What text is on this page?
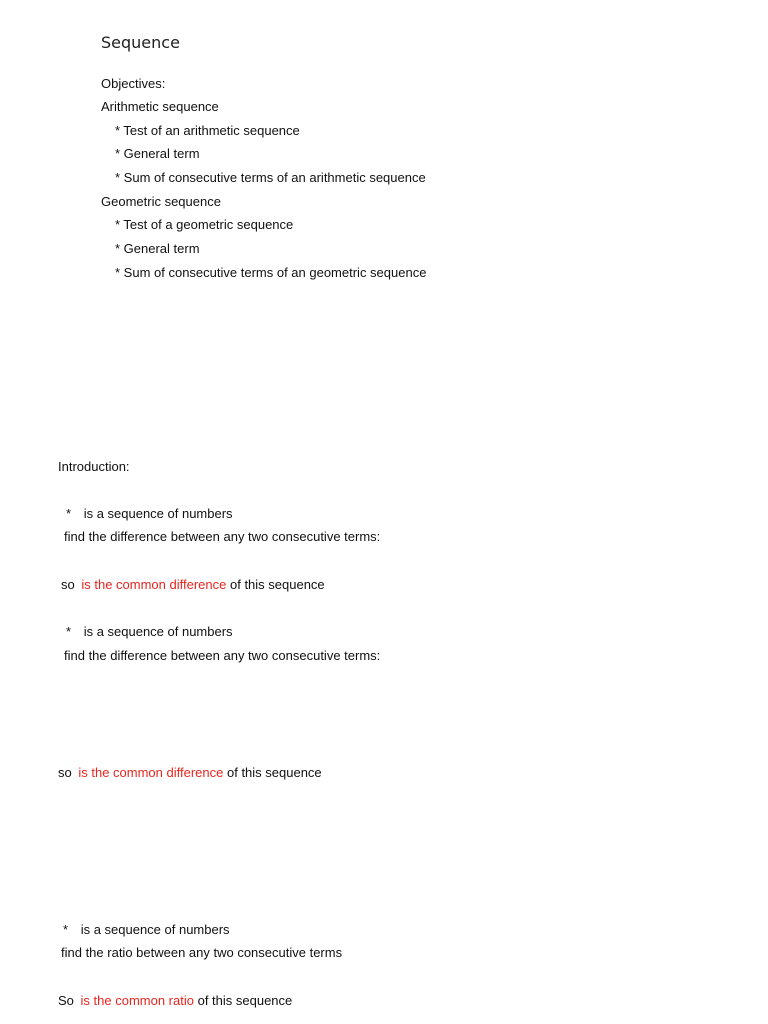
Sequence
Objectives:
Arithmetic sequence
* Test of an arithmetic sequence
* General term
* Sum of consecutive terms of an arithmetic sequence
Geometric sequence
* Test of a geometric sequence
* General term
* Sum of consecutive terms of an geometric sequence
Introduction:
* is a sequence of numbers
find the difference between any two consecutive terms:
so is the common difference of this sequence
* is a sequence of numbers
find the difference between any two consecutive terms:
so is the common difference of this sequence
* is a sequence of numbers
find the ratio between any two consecutive terms
So is the common ratio of this sequence
